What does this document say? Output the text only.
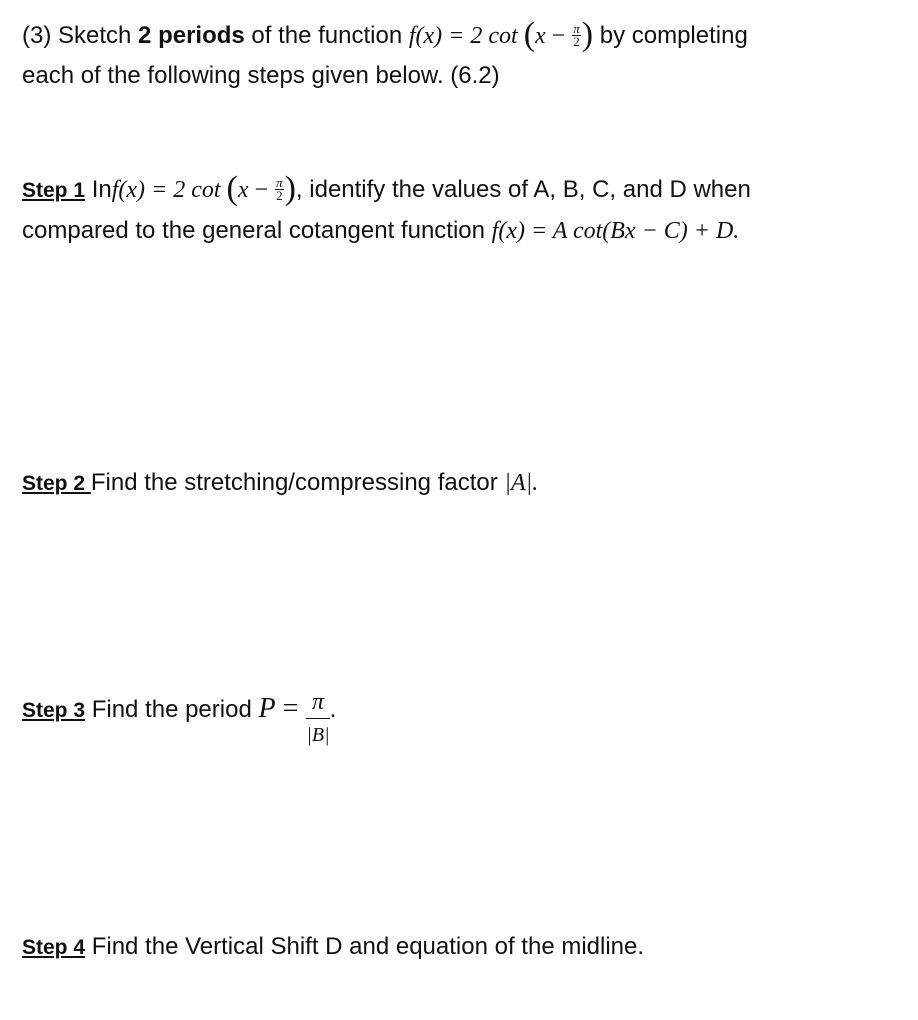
(3) Sketch 2 periods of the function f(x) = 2 $\cot (x - \frac{\pi}{2}$ ) by completing
each of the following steps given below. (6.2)
Step 1 Inf(x) = 2 $\cot (x - \frac{\pi}{2}$ ), identify the values of A, B, C, and D when
compared to the general cotangent function f(x) = A cot(Bx − C) + D.
Step 2 Find the stretching/compressing factor |A|.
Step 3 Find the period $P = \frac{\pi}{|B|}$ .
Step 4 Find the Vertical Shift D and equation of the midline.
